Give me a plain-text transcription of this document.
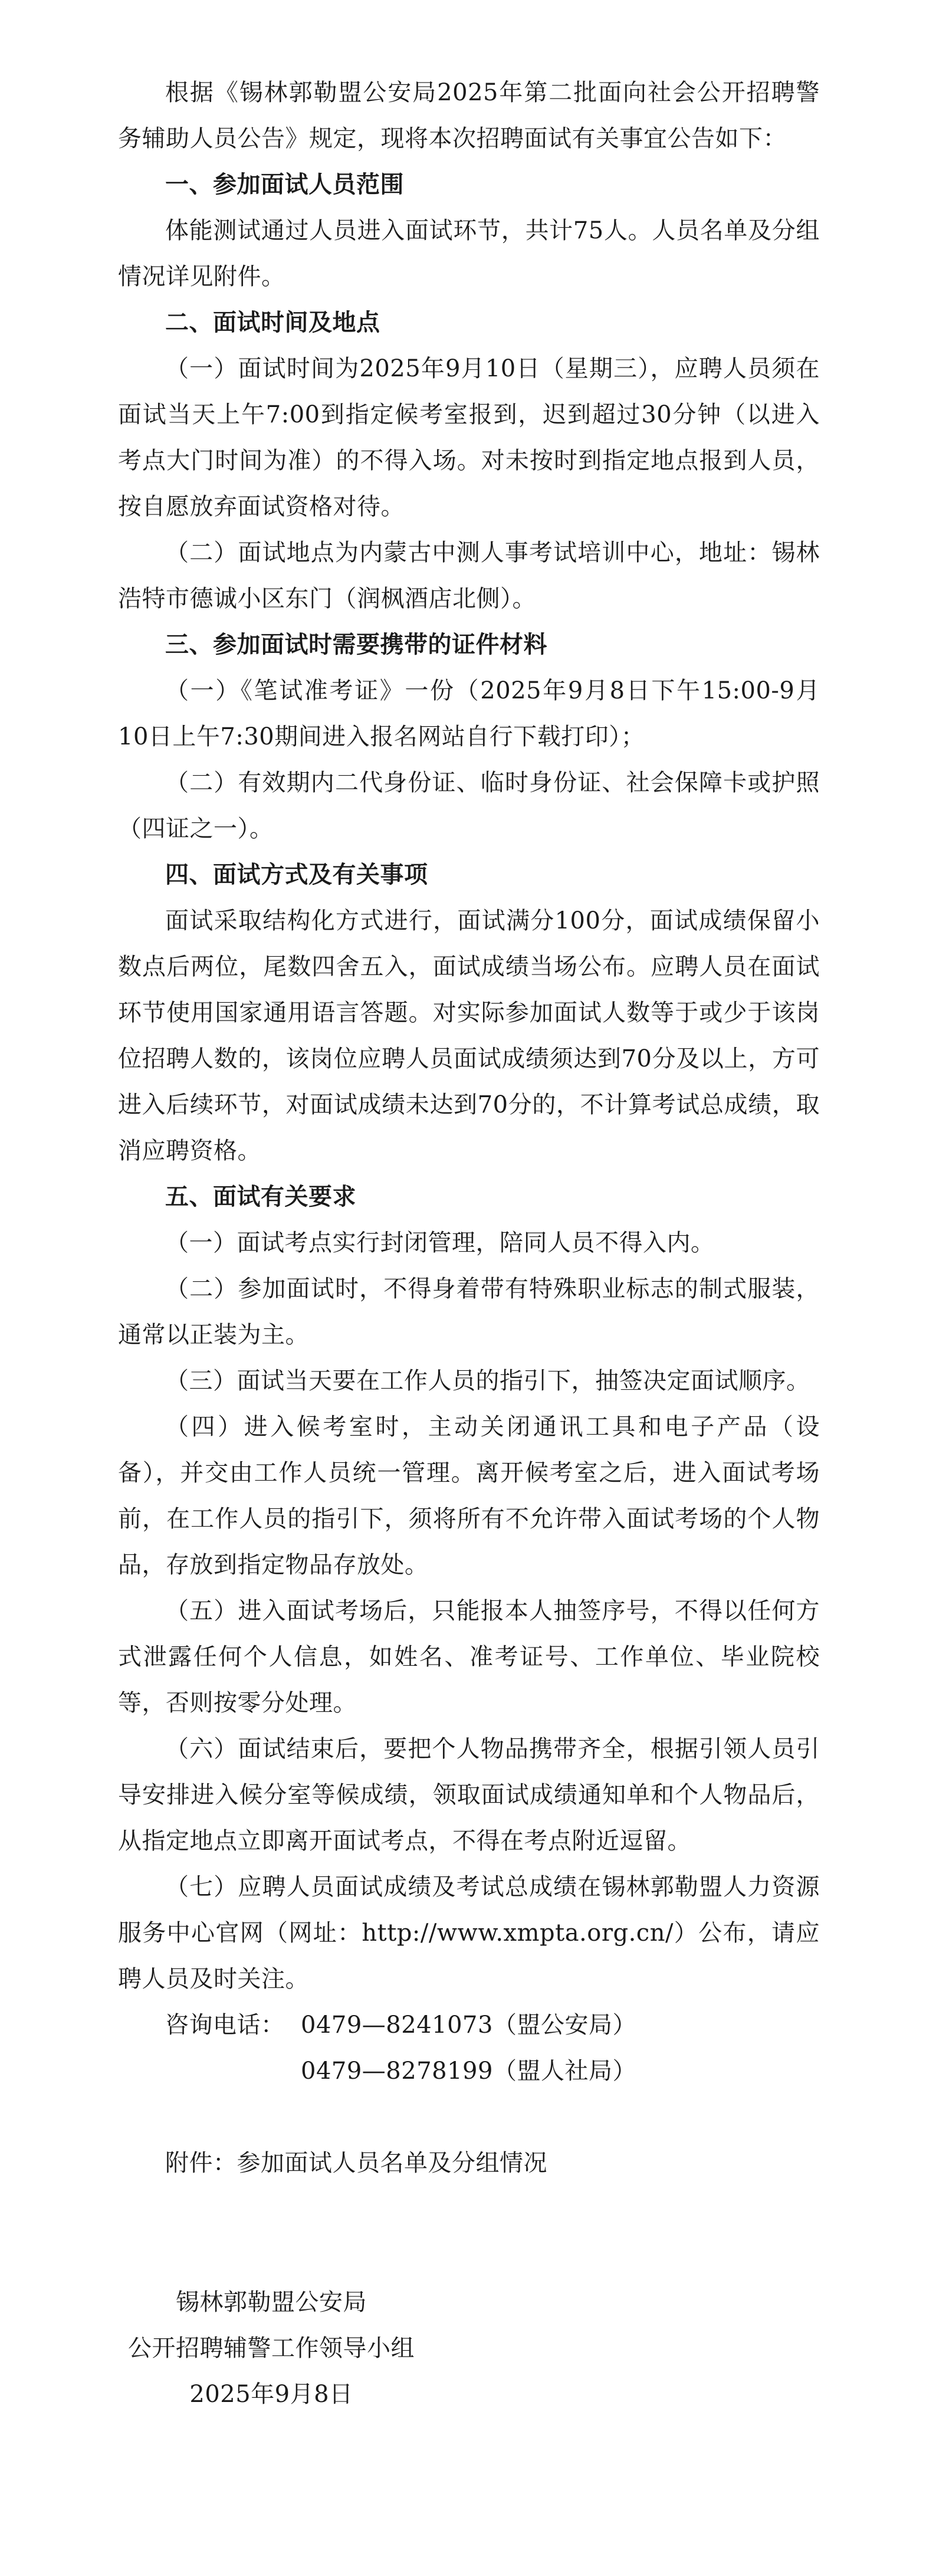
根据《锡林郭勒盟公安局2025年第二批面向社会公开招聘警务辅助人员公告》规定，现将本次招聘面试有关事宜公告如下：

一、参加面试人员范围

体能测试通过人员进入面试环节，共计75人。人员名单及分组情况详见附件。

二、面试时间及地点

（一）面试时间为2025年9月10日（星期三），应聘人员须在面试当天上午7:00到指定候考室报到，迟到超过30分钟（以进入考点大门时间为准）的不得入场。对未按时到指定地点报到人员，按自愿放弃面试资格对待。

（二）面试地点为内蒙古中测人事考试培训中心，地址：锡林浩特市德诚小区东门（润枫酒店北侧）。

三、参加面试时需要携带的证件材料

（一）《笔试准考证》一份（2025年9月8日下午15:00-9月10日上午7:30期间进入报名网站自行下载打印）；

（二）有效期内二代身份证、临时身份证、社会保障卡或护照（四证之一）。

四、面试方式及有关事项

面试采取结构化方式进行，面试满分100分，面试成绩保留小数点后两位，尾数四舍五入，面试成绩当场公布。应聘人员在面试环节使用国家通用语言答题。对实际参加面试人数等于或少于该岗位招聘人数的，该岗位应聘人员面试成绩须达到70分及以上，方可进入后续环节，对面试成绩未达到70分的，不计算考试总成绩，取消应聘资格。

五、面试有关要求

（一）面试考点实行封闭管理，陪同人员不得入内。

（二）参加面试时，不得身着带有特殊职业标志的制式服装，通常以正装为主。

（三）面试当天要在工作人员的指引下，抽签决定面试顺序。

（四）进入候考室时，主动关闭通讯工具和电子产品（设备），并交由工作人员统一管理。离开候考室之后，进入面试考场前，在工作人员的指引下，须将所有不允许带入面试考场的个人物品，存放到指定物品存放处。

（五）进入面试考场后，只能报本人抽签序号，不得以任何方式泄露任何个人信息，如姓名、准考证号、工作单位、毕业院校等，否则按零分处理。

（六）面试结束后，要把个人物品携带齐全，根据引领人员引导安排进入候分室等候成绩，领取面试成绩通知单和个人物品后，从指定地点立即离开面试考点，不得在考点附近逗留。

（七）应聘人员面试成绩及考试总成绩在锡林郭勒盟人力资源服务中心官网（网址：http://www.xmpta.org.cn/）公布，请应聘人员及时关注。

咨询电话： 0479—8241073（盟公安局）

0479—8278199（盟人社局）

附件：参加面试人员名单及分组情况

锡林郭勒盟公安局

公开招聘辅警工作领导小组

2025年9月8日
